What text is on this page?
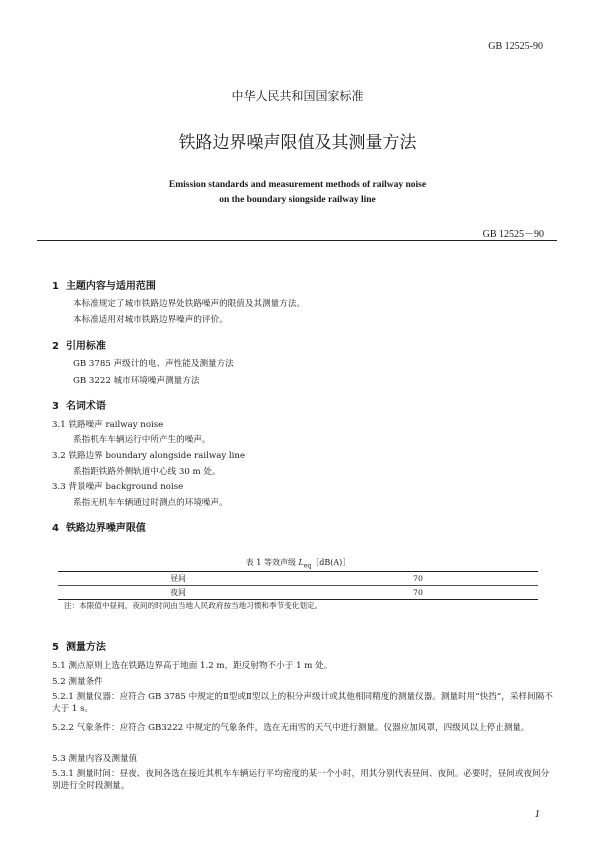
GB 12525-90
中华人民共和国国家标准
铁路边界噪声限值及其测量方法
Emission standards and measurement methods of railway noise
on the boundary siongside railway line
GB 12525－90
1 主题内容与适用范围
本标准规定了城市铁路边界处铁路噪声的限值及其测量方法。
本标准适用对城市铁路边界噪声的评价。
2 引用标准
GB 3785 声级计的电、声性能及测量方法
GB 3222 城市环境噪声测量方法
3 名词术语
3.1 铁路噪声 railway noise
系指机车车辆运行中所产生的噪声。
3.2 铁路边界 boundary alongside railway line
系指距铁路外侧轨道中心线 30 m 处。
3.3 背景噪声 background noise
系指无机车车辆通过时测点的环境噪声。
4 铁路边界噪声限值
表 1 等效声级 $L_{eq}[dB(A)]$
昼间	70
夜间	70
注：本限值中昼间，夜间的时间由当地人民政府按当地习惯和季节变化划定。
5 测量方法
5.1 测点原则上选在铁路边界高于地面 1.2 m，距反射物不小于 1 m 处。
5.2 测量条件
5.2.1 测量仪器：应符合 GB 3785 中规定的Ⅱ型或Ⅱ型以上的积分声级计或其他相同精度的测量仪器。测量时用“快挡”，采样间隔不大于 1 s。
5.2.2 气象条件：应符合 GB3222 中规定的气象条件，选在无雨雪的天气中进行测量。仪器应加风罩，四级风以上停止测量。
5.3 测量内容及测量值
5.3.1 测量时间：昼夜、夜间各选在接近其机车车辆运行平均密度的某一个小时，用其分别代表昼间、夜间。必要时，昼间或夜间分别进行全时段测量。
1
